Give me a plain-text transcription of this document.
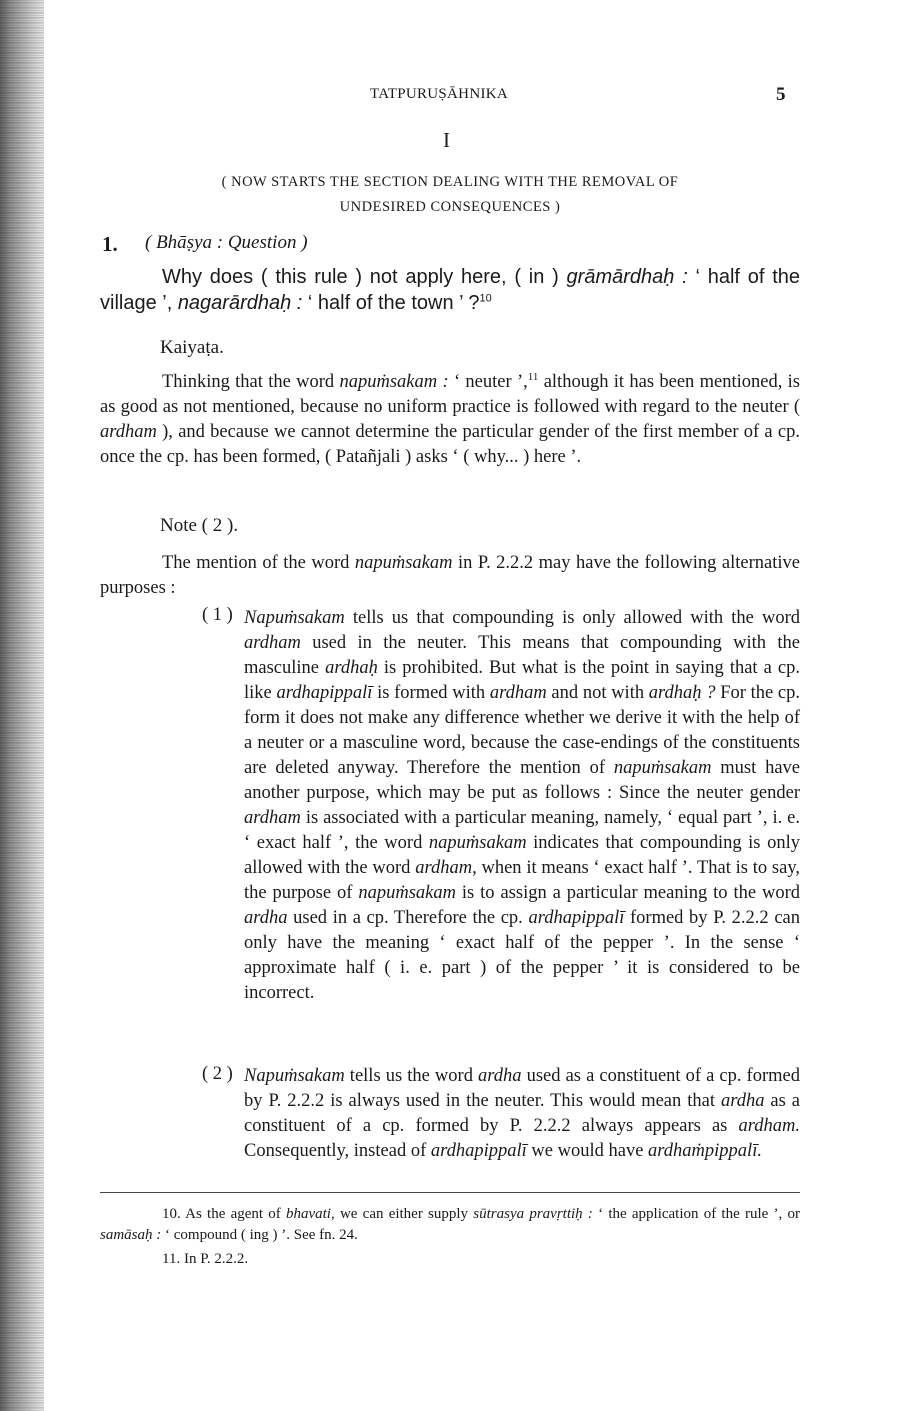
TATPURUṢĀHNIKA	5
I
( NOW STARTS THE SECTION DEALING WITH THE REMOVAL OF
UNDESIRED CONSEQUENCES )
1. ( Bhāṣya : Question )
Why does ( this rule ) not apply here, ( in ) grāmārdhaḥ : ‘ half of the village ’, nagarārdhaḥ : ‘ half of the town ’ ?$^{10}$
Kaiyaṭa.
Thinking that the word napuṁsakam : ‘ neuter ’,$^{11}$ although it has been mentioned, is as good as not mentioned, because no uniform practice is followed with regard to the neuter ( ardham ), and because we cannot determine the particular gender of the first member of a cp. once the cp. has been formed, ( Patañjali ) asks ‘ ( why... ) here ’.
Note ( 2 ).
The mention of the word napuṁsakam in P. 2.2.2 may have the following alternative purposes :
( 1 ) Napuṁsakam tells us that compounding is only allowed with the word ardham used in the neuter. This means that compounding with the masculine ardhaḥ is prohibited. But what is the point in saying that a cp. like ardhapippalī is formed with ardham and not with ardhaḥ ? For the cp. form it does not make any difference whether we derive it with the help of a neuter or a masculine word, because the case-endings of the constituents are deleted anyway. Therefore the mention of napuṁsakam must have another purpose, which may be put as follows : Since the neuter gender ardham is associated with a particular meaning, namely, ‘ equal part ’, i. e. ‘ exact half ’, the word napuṁsakam indicates that compounding is only allowed with the word ardham, when it means ‘ exact half ’. That is to say, the purpose of napuṁsakam is to assign a particular meaning to the word ardha used in a cp. Therefore the cp. ardhapippalī formed by P. 2.2.2 can only have the meaning ‘ exact half of the pepper ’. In the sense ‘ approximate half ( i. e. part ) of the pepper ’ it is considered to be incorrect.
( 2 ) Napuṁsakam tells us the word ardha used as a constituent of a cp. formed by P. 2.2.2 is always used in the neuter. This would mean that ardha as a constituent of a cp. formed by P. 2.2.2 always appears as ardham. Consequently, instead of ardhapippalī we would have ardhaṁpippalī.
10. As the agent of bhavati, we can either supply sūtrasya pravṛttiḥ : ‘ the application of the rule ’, or samāsaḥ : ‘ compound ( ing ) ’. See fn. 24.
11. In P. 2.2.2.
